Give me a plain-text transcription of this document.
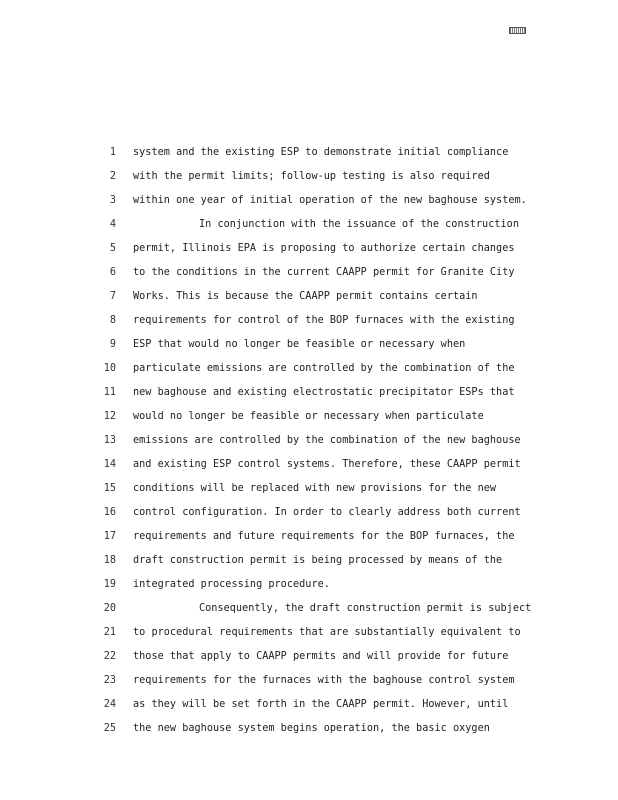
1 system and the existing ESP to demonstrate initial compliance
2 with the permit limits; follow-up testing is also required
3 within one year of initial operation of the new baghouse system.
4	In conjunction with the issuance of the construction
5 permit, Illinois EPA is proposing to authorize certain changes
6 to the conditions in the current CAAPP permit for Granite City
7 Works. This is because the CAAPP permit contains certain
8 requirements for control of the BOP furnaces with the existing
9 ESP that would no longer be feasible or necessary when
10 particulate emissions are controlled by the combination of the
11 new baghouse and existing electrostatic precipitator ESPs that
12 would no longer be feasible or necessary when particulate
13 emissions are controlled by the combination of the new baghouse
14 and existing ESP control systems. Therefore, these CAAPP permit
15 conditions will be replaced with new provisions for the new
16 control configuration. In order to clearly address both current
17 requirements and future requirements for the BOP furnaces, the
18 draft construction permit is being processed by means of the
19 integrated processing procedure.
20	Consequently, the draft construction permit is subject
21 to procedural requirements that are substantially equivalent to
22 those that apply to CAAPP permits and will provide for future
23 requirements for the furnaces with the baghouse control system
24 as they will be set forth in the CAAPP permit. However, until
25 the new baghouse system begins operation, the basic oxygen
